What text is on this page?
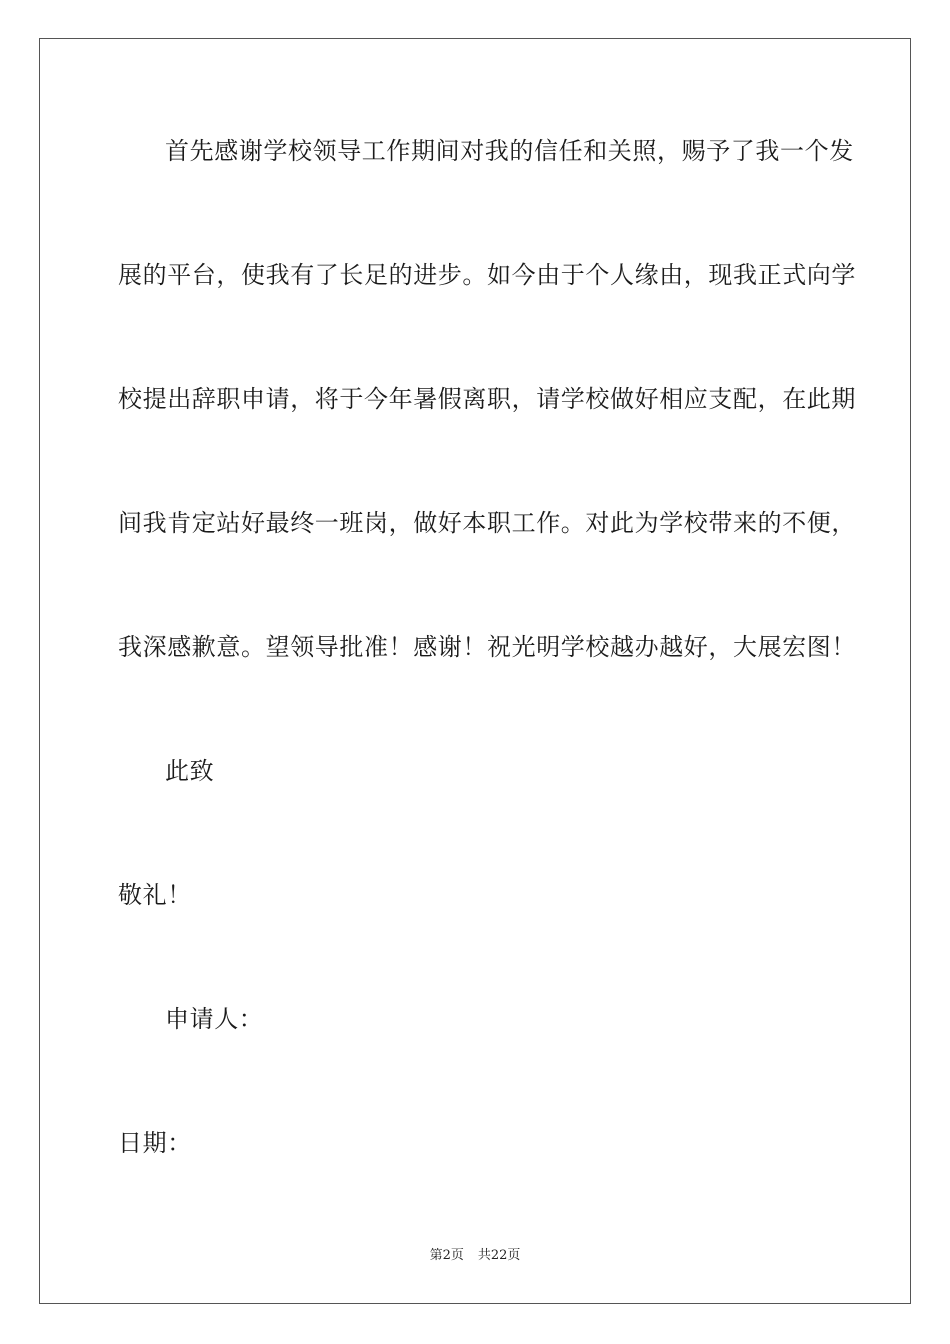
首先感谢学校领导工作期间对我的信任和关照，赐予了我一个发
展的平台，使我有了长足的进步。如今由于个人缘由，现我正式向学
校提出辞职申请，将于今年暑假离职，请学校做好相应支配，在此期
间我肯定站好最终一班岗，做好本职工作。对此为学校带来的不便，
我深感歉意。望领导批准！感谢！祝光明学校越办越好，大展宏图！
此致
敬礼！
申请人：
日期：
第2页 共22页
